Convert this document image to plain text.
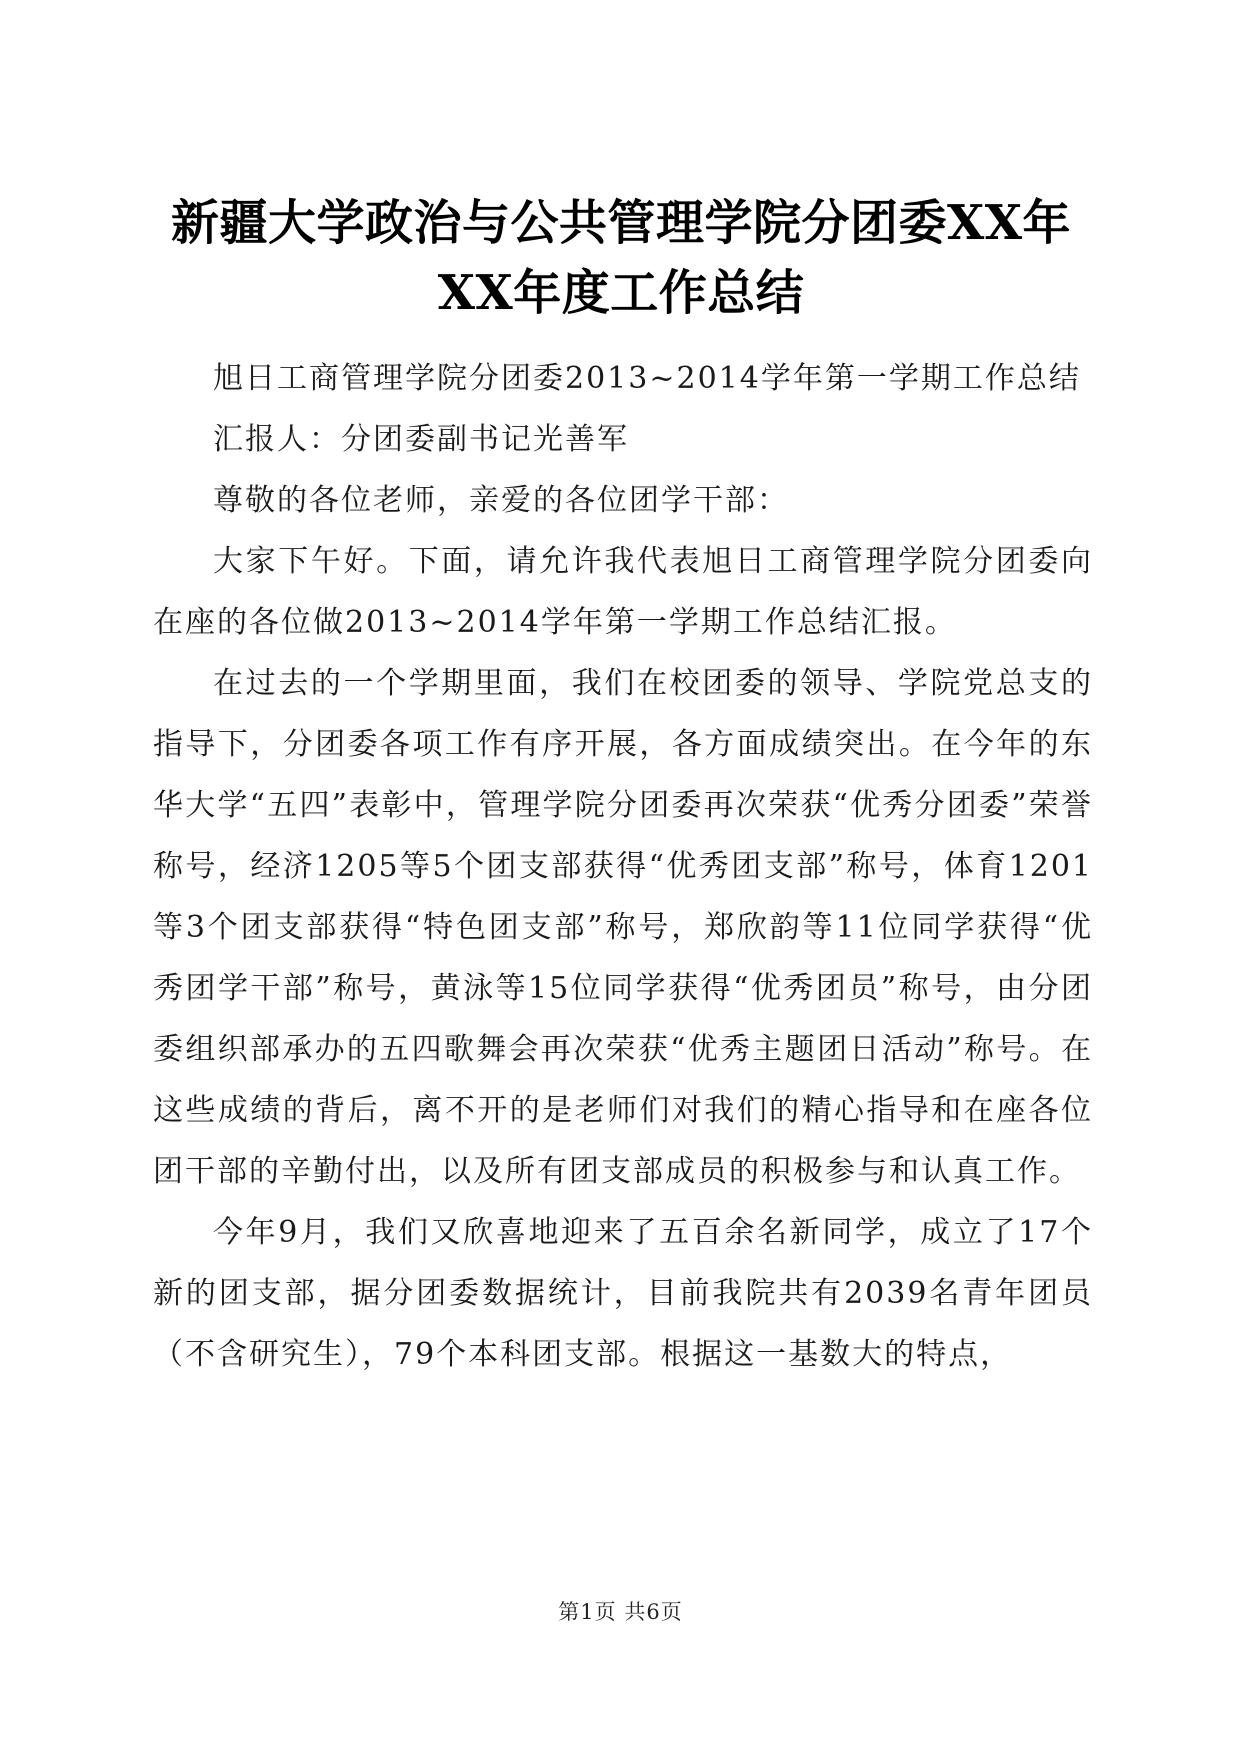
新疆大学政治与公共管理学院分团委XX年XX年度工作总结

旭日工商管理学院分团委2013~2014学年第一学期工作总结

汇报人：分团委副书记光善军

尊敬的各位老师，亲爱的各位团学干部：

大家下午好。下面，请允许我代表旭日工商管理学院分团委向在座的各位做2013~2014学年第一学期工作总结汇报。

在过去的一个学期里面，我们在校团委的领导、学院党总支的指导下，分团委各项工作有序开展，各方面成绩突出。在今年的东华大学“五四”表彰中，管理学院分团委再次荣获“优秀分团委”荣誉称号，经济1205等5个团支部获得“优秀团支部”称号，体育1201等3个团支部获得“特色团支部”称号，郑欣韵等11位同学获得“优秀团学干部”称号，黄泳等15位同学获得“优秀团员”称号，由分团委组织部承办的五四歌舞会再次荣获“优秀主题团日活动”称号。在这些成绩的背后，离不开的是老师们对我们的精心指导和在座各位团干部的辛勤付出，以及所有团支部成员的积极参与和认真工作。

今年9月，我们又欣喜地迎来了五百余名新同学，成立了17个新的团支部，据分团委数据统计，目前我院共有2039名青年团员（不含研究生），79个本科团支部。根据这一基数大的特点，

第1页 共6页
